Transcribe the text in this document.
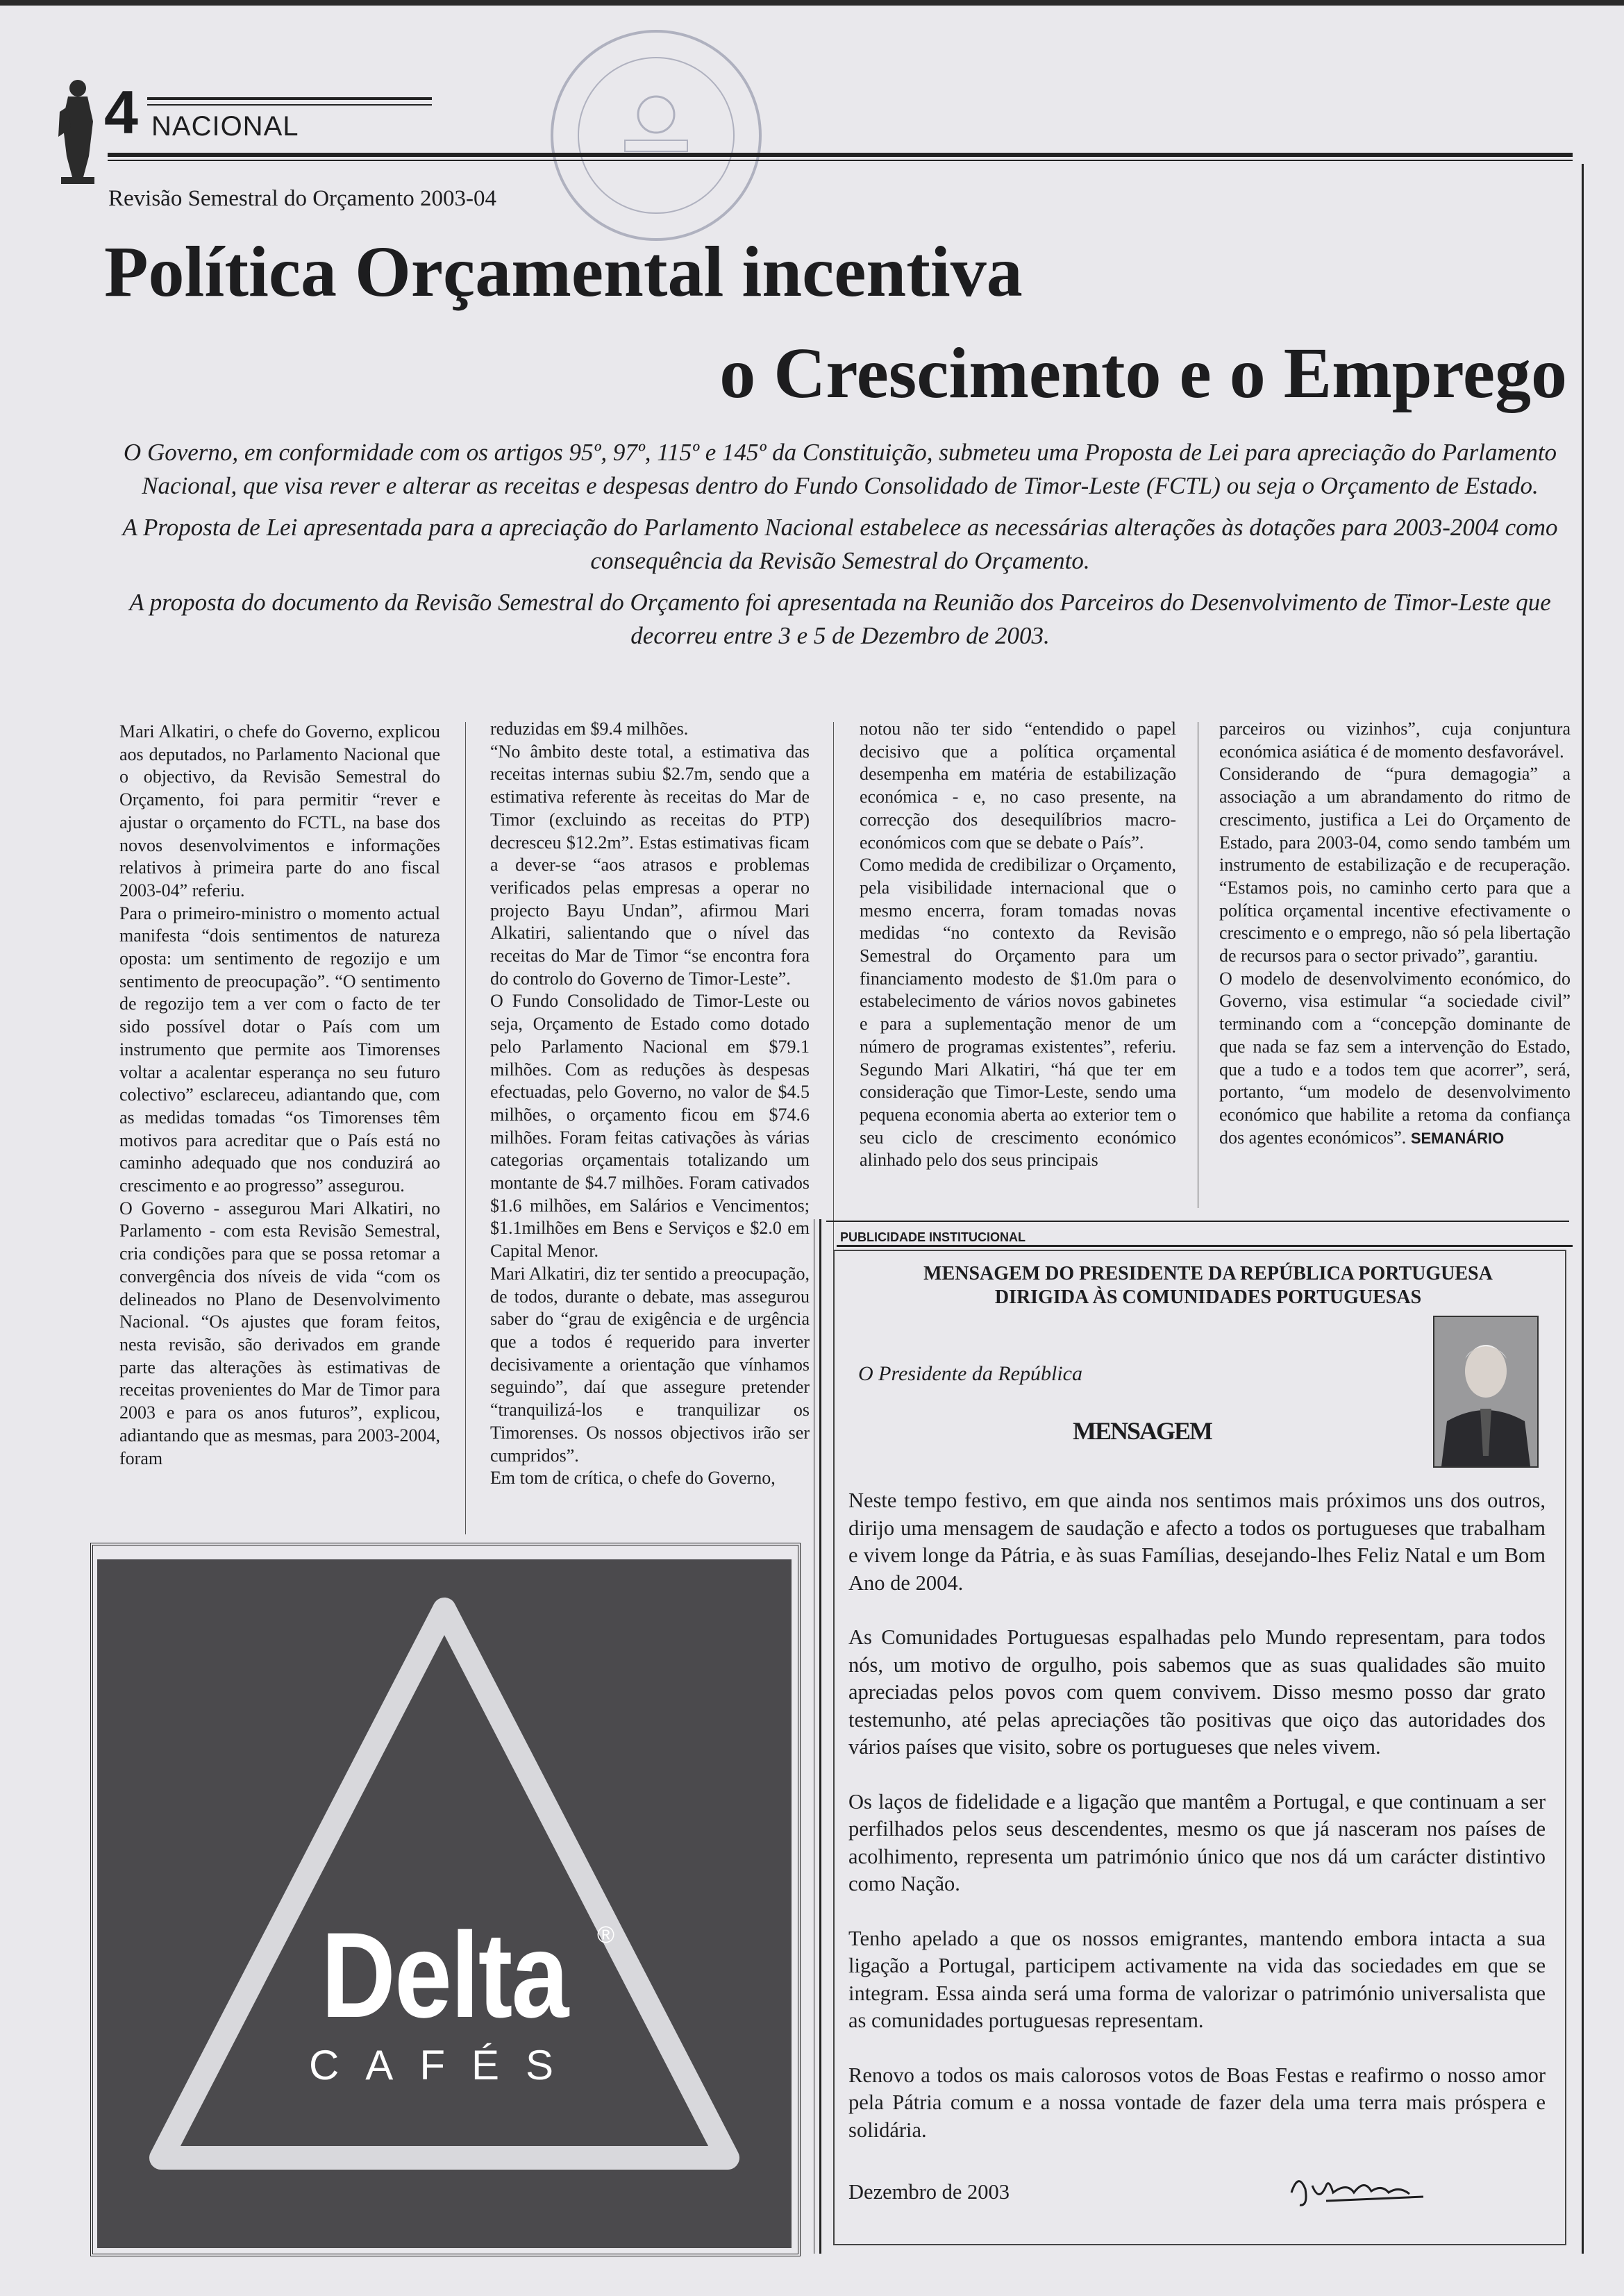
4 NACIONAL
Revisão Semestral do Orçamento 2003-04
Política Orçamental incentiva
o Crescimento e o Emprego

O Governo, em conformidade com os artigos 95º, 97º, 115º e 145º da Constituição, submeteu uma Proposta de Lei para apreciação do Parlamento Nacional, que visa rever e alterar as receitas e despesas dentro do Fundo Consolidado de Timor-Leste (FCTL) ou seja o Orçamento de Estado.

A Proposta de Lei apresentada para a apreciação do Parlamento Nacional estabelece as necessárias alterações às dotações para 2003-2004 como consequência da Revisão Semestral do Orçamento.

A proposta do documento da Revisão Semestral do Orçamento foi apresentada na Reunião dos Parceiros do Desenvolvimento de Timor-Leste que decorreu entre 3 e 5 de Dezembro de 2003.

Mari Alkatiri, o chefe do Governo, explicou aos deputados, no Parlamento Nacional que o objectivo, da Revisão Semestral do Orçamento, foi para permitir “rever e ajustar o orçamento do FCTL, na base dos novos desenvolvimentos e informações relativos à primeira parte do ano fiscal 2003-04” referiu.

Para o primeiro-ministro o momento actual manifesta “dois sentimentos de natureza oposta: um sentimento de regozijo e um sentimento de preocupação”. “O sentimento de regozijo tem a ver com o facto de ter sido possível dotar o País com um instrumento que permite aos Timorenses voltar a acalentar esperança no seu futuro colectivo” esclareceu, adiantando que, com as medidas tomadas “os Timorenses têm motivos para acreditar que o País está no caminho adequado que nos conduzirá ao crescimento e ao progresso” assegurou.

O Governo - assegurou Mari Alkatiri, no Parlamento - com esta Revisão Semestral, cria condições para que se possa retomar a convergência dos níveis de vida “com os delineados no Plano de Desenvolvimento Nacional. “Os ajustes que foram feitos, nesta revisão, são derivados em grande parte das alterações às estimativas de receitas provenientes do Mar de Timor para 2003 e para os anos futuros”, explicou, adiantando que as mesmas, para 2003-2004, foram

reduzidas em $9.4 milhões.

“No âmbito deste total, a estimativa das receitas internas subiu $2.7m, sendo que a estimativa referente às receitas do Mar de Timor (excluindo as receitas do PTP) decresceu $12.2m”. Estas estimativas ficam a dever-se “aos atrasos e problemas verificados pelas empresas a operar no projecto Bayu Undan”, afirmou Mari Alkatiri, salientando que o nível das receitas do Mar de Timor “se encontra fora do controlo do Governo de Timor-Leste”.

O Fundo Consolidado de Timor-Leste ou seja, Orçamento de Estado como dotado pelo Parlamento Nacional em $79.1 milhões. Com as reduções às despesas efectuadas, pelo Governo, no valor de $4.5 milhões, o orçamento ficou em $74.6 milhões. Foram feitas cativações às várias categorias orçamentais totalizando um montante de $4.7 milhões. Foram cativados $1.6 milhões, em Salários e Vencimentos; $1.1milhões em Bens e Serviços e $2.0 em Capital Menor.

Mari Alkatiri, diz ter sentido a preocupação, de todos, durante o debate, mas assegurou saber do “grau de exigência e de urgência que a todos é requerido para inverter decisivamente a orientação que vínhamos seguindo”, daí que assegure pretender “tranquilizá-los e tranquilizar os Timorenses. Os nossos objectivos irão ser cumpridos”.

Em tom de crítica, o chefe do Governo,

notou não ter sido “entendido o papel decisivo que a política orçamental desempenha em matéria de estabilização económica - e, no caso presente, na correcção dos desequilíbrios macro-económicos com que se debate o País”.

Como medida de credibilizar o Orçamento, pela visibilidade internacional que o mesmo encerra, foram tomadas novas medidas “no contexto da Revisão Semestral do Orçamento para um financiamento modesto de $1.0m para o estabelecimento de vários novos gabinetes e para a suplementação menor de um número de programas existentes”, referiu. Segundo Mari Alkatiri, “há que ter em consideração que Timor-Leste, sendo uma pequena economia aberta ao exterior tem o seu ciclo de crescimento económico alinhado pelo dos seus principais

parceiros ou vizinhos”, cuja conjuntura económica asiática é de momento desfavorável.

Considerando de “pura demagogia” a associação a um abrandamento do ritmo de crescimento, justifica a Lei do Orçamento de Estado, para 2003-04, como sendo também um instrumento de estabilização e de recuperação. “Estamos pois, no caminho certo para que a política orçamental incentive efectivamente o crescimento e o emprego, não só pela libertação de recursos para o sector privado”, garantiu.

O modelo de desenvolvimento económico, do Governo, visa estimular “a sociedade civil” terminando com a “concepção dominante de que nada se faz sem a intervenção do Estado, que a tudo e a todos tem que acorrer”, será, portanto, “um modelo de desenvolvimento económico que habilite a retoma da confiança dos agentes económicos”. SEMANÁRIO

Delta	®
CAFÉS
PUBLICIDADE INSTITUCIONAL
MENSAGEM DO PRESIDENTE DA REPÚBLICA PORTUGUESA
DIRIGIDA ÀS COMUNIDADES PORTUGUESAS
O Presidente da República
MENSAGEM

Neste tempo festivo, em que ainda nos sentimos mais próximos uns dos outros, dirijo uma mensagem de saudação e afecto a todos os portugueses que trabalham e vivem longe da Pátria, e às suas Famílias, desejando-lhes Feliz Natal e um Bom Ano de 2004.

As Comunidades Portuguesas espalhadas pelo Mundo representam, para todos nós, um motivo de orgulho, pois sabemos que as suas qualidades são muito apreciadas pelos povos com quem convivem. Disso mesmo posso dar grato testemunho, até pelas apreciações tão positivas que oiço das autoridades dos vários países que visito, sobre os portugueses que neles vivem.

Os laços de fidelidade e a ligação que mantêm a Portugal, e que continuam a ser perfilhados pelos seus descendentes, mesmo os que já nasceram nos países de acolhimento, representa um património único que nos dá um carácter distintivo como Nação.

Tenho apelado a que os nossos emigrantes, mantendo embora intacta a sua ligação a Portugal, participem activamente na vida das sociedades em que se integram. Essa ainda será uma forma de valorizar o património universalista que as comunidades portuguesas representam.

Renovo a todos os mais calorosos votos de Boas Festas e reafirmo o nosso amor pela Pátria comum e a nossa vontade de fazer dela uma terra mais próspera e solidária.

Dezembro de 2003
